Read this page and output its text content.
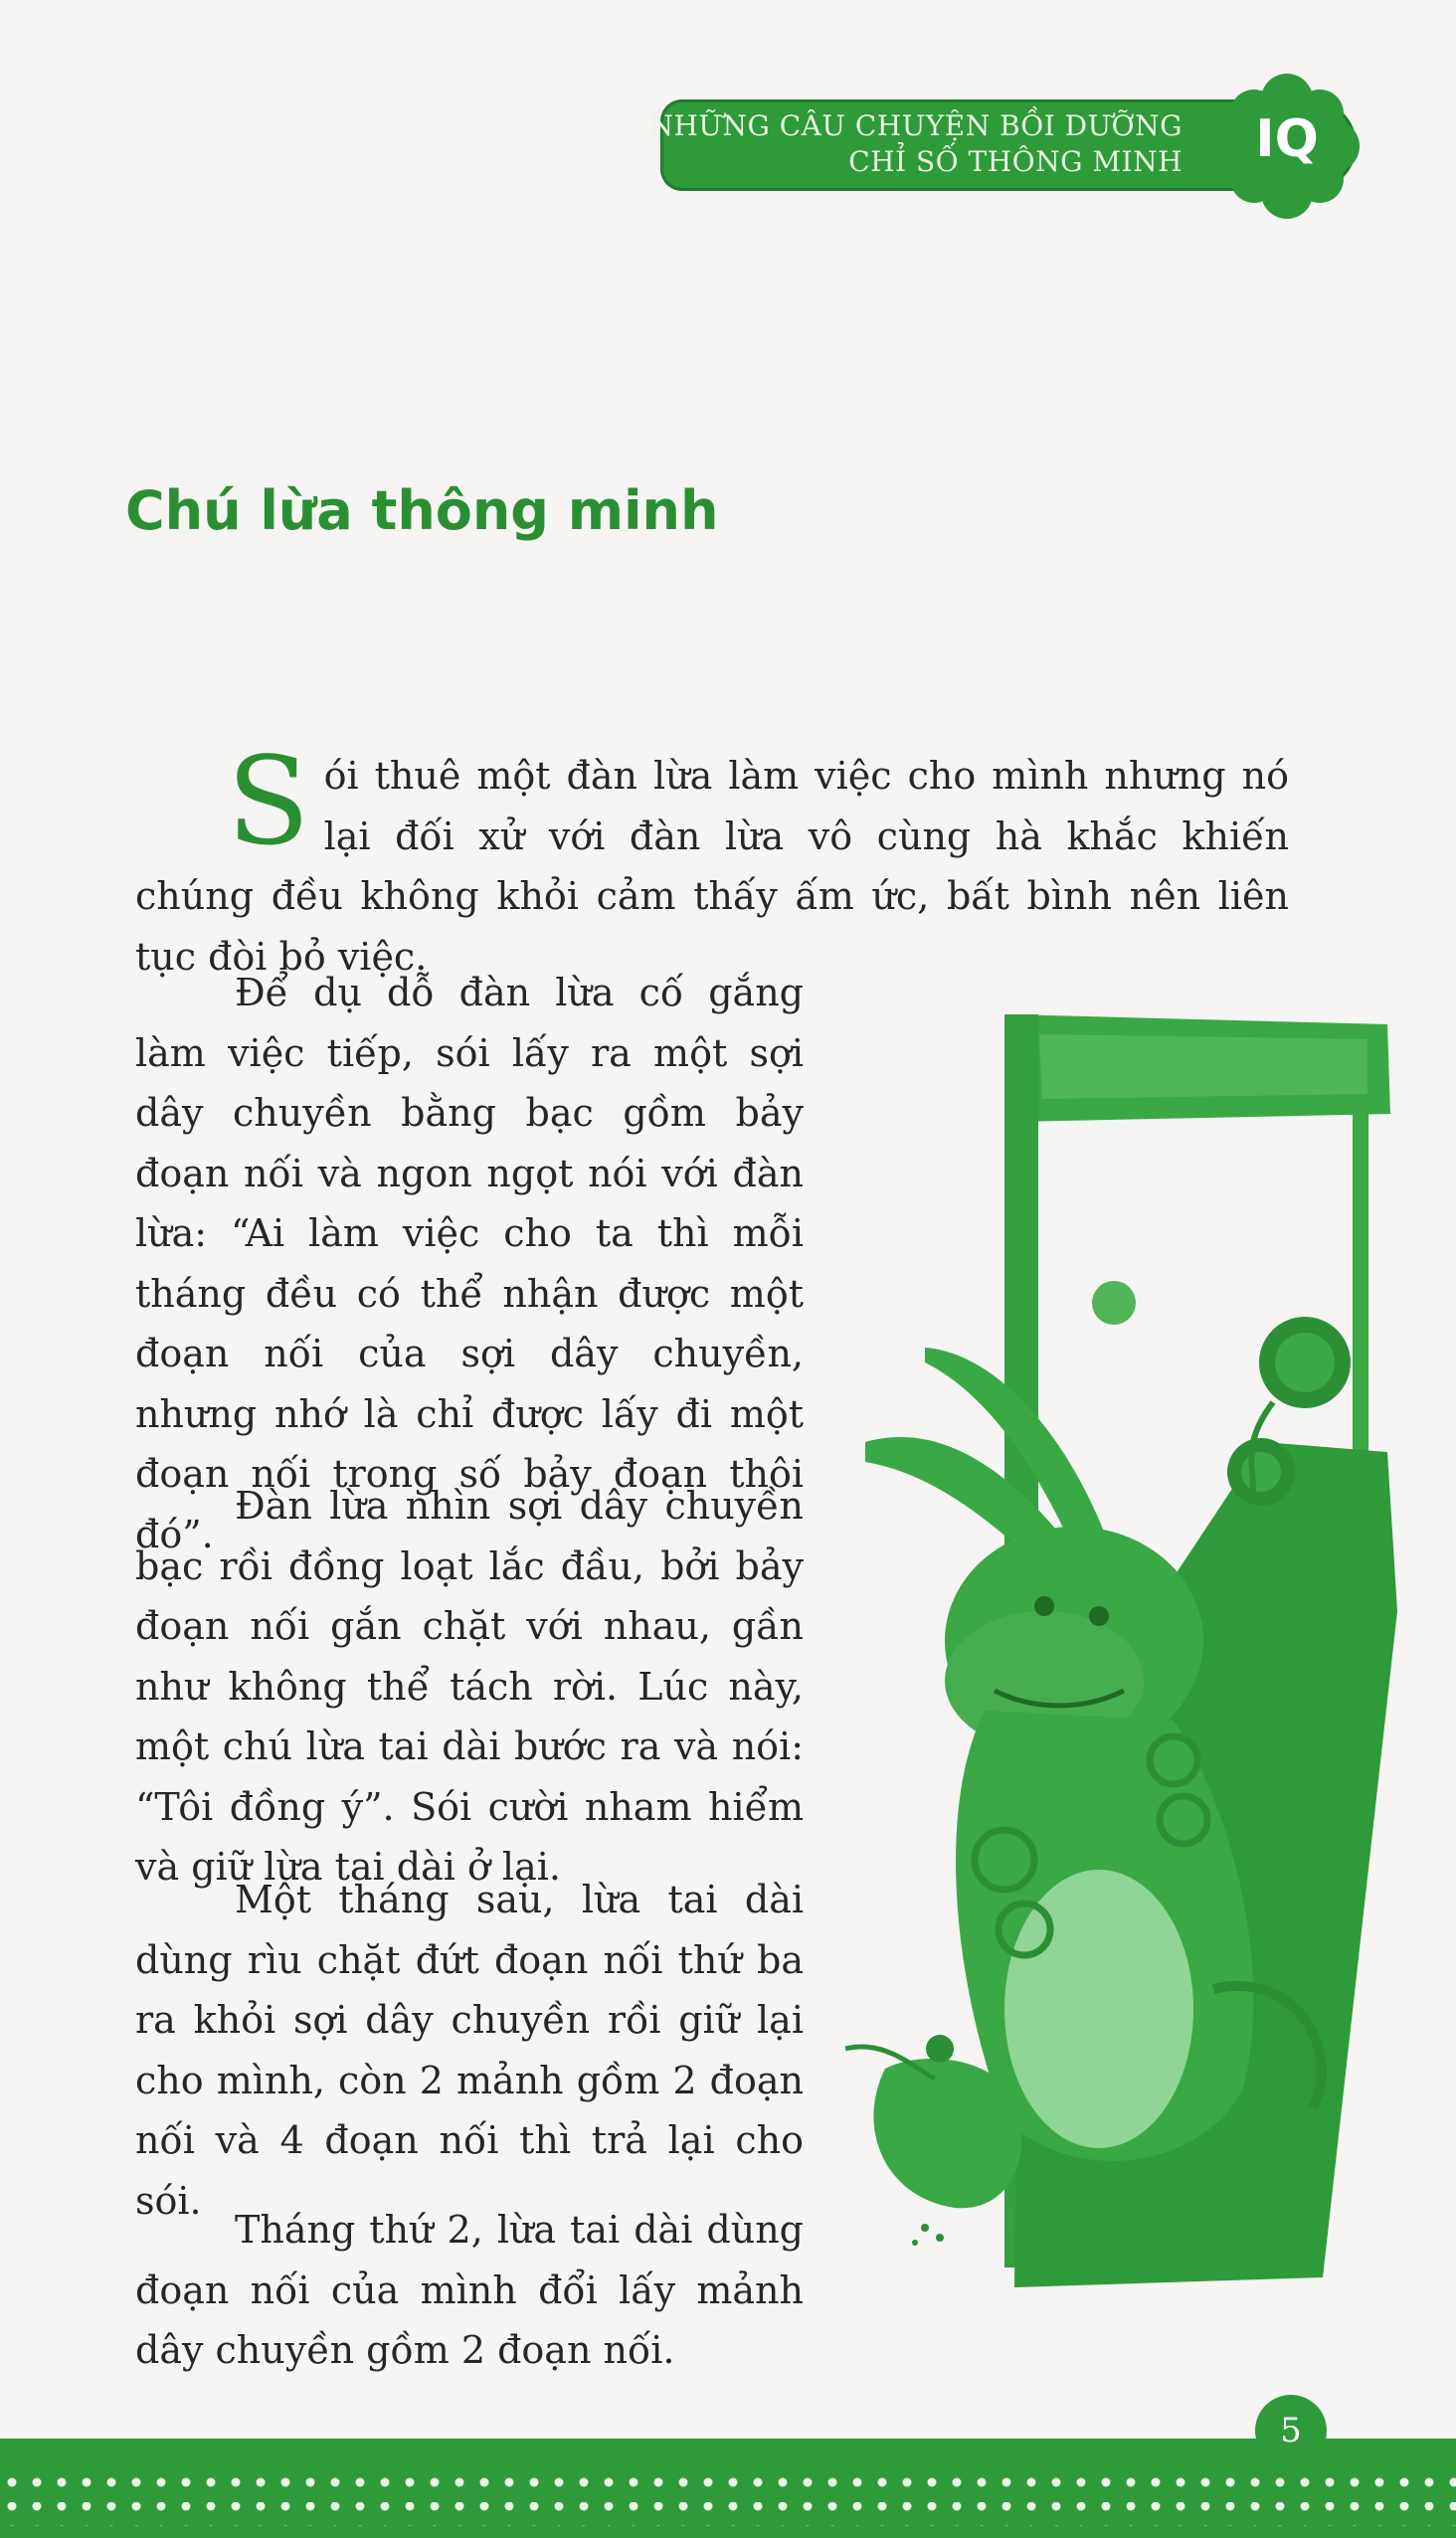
NHỮNG CÂU CHUYỆN BỒI DƯỠNG
CHỈ SỐ THÔNG MINH	IQ
Chú lừa thông minh

Sói thuê một đàn lừa làm việc cho mình nhưng nó lại đối xử với đàn lừa vô cùng hà khắc khiến chúng đều không khỏi cảm thấy ấm ức, bất bình nên liên tục đòi bỏ việc.

Để dụ dỗ đàn lừa cố gắng làm việc tiếp, sói lấy ra một sợi dây chuyền bằng bạc gồm bảy đoạn nối và ngon ngọt nói với đàn lừa: “Ai làm việc cho ta thì mỗi tháng đều có thể nhận được một đoạn nối của sợi dây chuyền, nhưng nhớ là chỉ được lấy đi một đoạn nối trong số bảy đoạn thôi đó”.

Đàn lừa nhìn sợi dây chuyền bạc rồi đồng loạt lắc đầu, bởi bảy đoạn nối gắn chặt với nhau, gần như không thể tách rời. Lúc này, một chú lừa tai dài bước ra và nói: “Tôi đồng ý”. Sói cười nham hiểm và giữ lừa tai dài ở lại.

Một tháng sau, lừa tai dài dùng rìu chặt đứt đoạn nối thứ ba ra khỏi sợi dây chuyền rồi giữ lại cho mình, còn 2 mảnh gồm 2 đoạn nối và 4 đoạn nối thì trả lại cho sói.

Tháng thứ 2, lừa tai dài dùng đoạn nối của mình đổi lấy mảnh dây chuyền gồm 2 đoạn nối.

5
